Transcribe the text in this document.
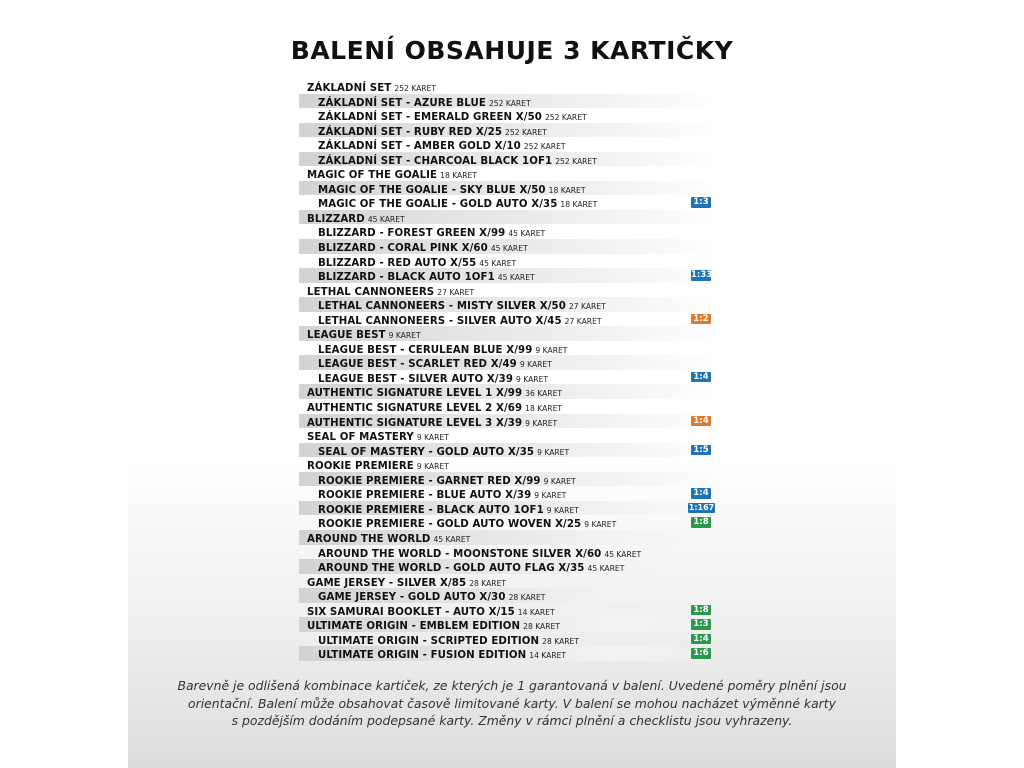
BALENÍ OBSAHUJE 3 KARTIČKY
ZÁKLADNÍ SET 252 KARET
ZÁKLADNÍ SET - AZURE BLUE 252 KARET
ZÁKLADNÍ SET - EMERALD GREEN X/50 252 KARET
ZÁKLADNÍ SET - RUBY RED X/25 252 KARET
ZÁKLADNÍ SET - AMBER GOLD X/10 252 KARET
ZÁKLADNÍ SET - CHARCOAL BLACK 1OF1 252 KARET
MAGIC OF THE GOALIE 18 KARET
MAGIC OF THE GOALIE - SKY BLUE X/50 18 KARET
MAGIC OF THE GOALIE - GOLD AUTO X/35 18 KARET	1:3
BLIZZARD 45 KARET
BLIZZARD - FOREST GREEN X/99 45 KARET
BLIZZARD - CORAL PINK X/60 45 KARET
BLIZZARD - RED AUTO X/55 45 KARET
BLIZZARD - BLACK AUTO 1OF1 45 KARET	1:33
LETHAL CANNONEERS 27 KARET
LETHAL CANNONEERS - MISTY SILVER X/50 27 KARET
LETHAL CANNONEERS - SILVER AUTO X/45 27 KARET	1:2
LEAGUE BEST 9 KARET
LEAGUE BEST - CERULEAN BLUE X/99 9 KARET
LEAGUE BEST - SCARLET RED X/49 9 KARET
LEAGUE BEST - SILVER AUTO X/39 9 KARET	1:4
AUTHENTIC SIGNATURE LEVEL 1 X/99 36 KARET
AUTHENTIC SIGNATURE LEVEL 2 X/69 18 KARET
AUTHENTIC SIGNATURE LEVEL 3 X/39 9 KARET	1:4
SEAL OF MASTERY 9 KARET
SEAL OF MASTERY - GOLD AUTO X/35 9 KARET	1:5
ROOKIE PREMIERE 9 KARET
ROOKIE PREMIERE - GARNET RED X/99 9 KARET
ROOKIE PREMIERE - BLUE AUTO X/39 9 KARET	1:4
ROOKIE PREMIERE - BLACK AUTO 1OF1 9 KARET	1:167
ROOKIE PREMIERE - GOLD AUTO WOVEN X/25 9 KARET	1:8
AROUND THE WORLD 45 KARET
AROUND THE WORLD - MOONSTONE SILVER X/60 45 KARET
AROUND THE WORLD - GOLD AUTO FLAG X/35 45 KARET
GAME JERSEY - SILVER X/85 28 KARET
GAME JERSEY - GOLD AUTO X/30 28 KARET
SIX SAMURAI BOOKLET - AUTO X/15 14 KARET	1:8
ULTIMATE ORIGIN - EMBLEM EDITION 28 KARET	1:3
ULTIMATE ORIGIN - SCRIPTED EDITION 28 KARET	1:4
ULTIMATE ORIGIN - FUSION EDITION 14 KARET	1:6
Barevně je odlišená kombinace kartiček, ze kterých je 1 garantovaná v balení. Uvedené poměry plnění jsou
orientační. Balení může obsahovat časově limitované karty. V balení se mohou nacházet výměnné karty
s pozdějším dodáním podepsané karty. Změny v rámci plnění a checklistu jsou vyhrazeny.
